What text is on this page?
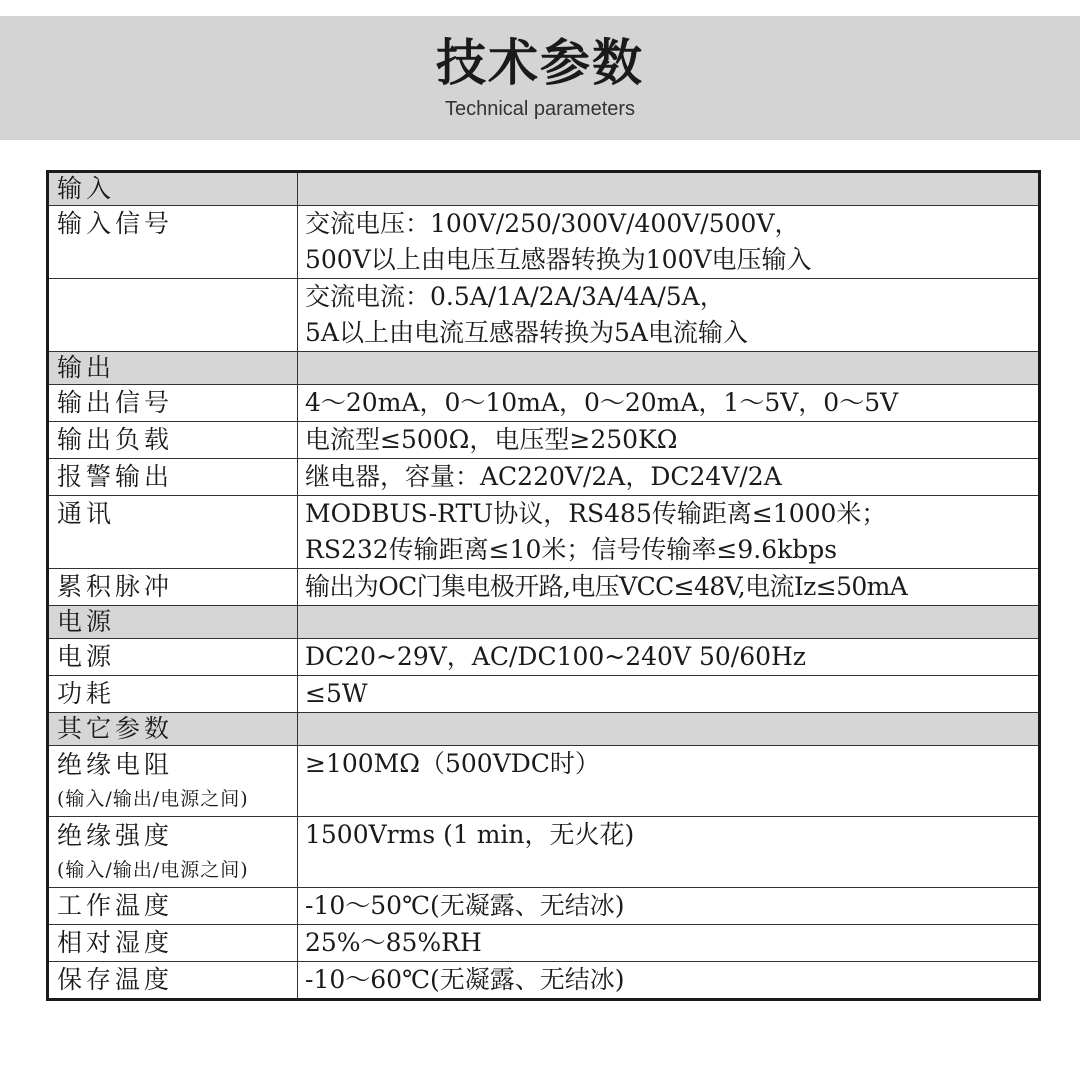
技术参数
Technical parameters
输入	
输入信号	交流电压：100V/250/300V/400V/500V，
500V以上由电压互感器转换为100V电压输入

	交流电流：0.5A/1A/2A/3A/4A/5A，
5A以上由电流互感器转换为5A电流输入

输出	
输出信号	4～20mA，0～10mA，0～20mA，1～5V，0～5V
输出负载	电流型≤500Ω，电压型≥250KΩ
报警输出	继电器，容量：AC220V/2A，DC24V/2A
通讯	MODBUS-RTU协议，RS485传输距离≤1000米；
RS232传输距离≤10米；信号传输率≤9.6kbps

累积脉冲	输出为OC门集电极开路,电压VCC≤48V,电流Iz≤50mA
电源	
电源	DC20~29V，AC/DC100~240V 50/60Hz
功耗	≤5W
其它参数	

绝缘电阻
(输入/输出/电源之间)	≥100MΩ（500VDC时）

绝缘强度
(输入/输出/电源之间)	1500Vrms (1 min，无火花)
工作温度	-10～50℃(无凝露、无结冰)
相对湿度	25%～85%RH
保存温度	-10～60℃(无凝露、无结冰)
